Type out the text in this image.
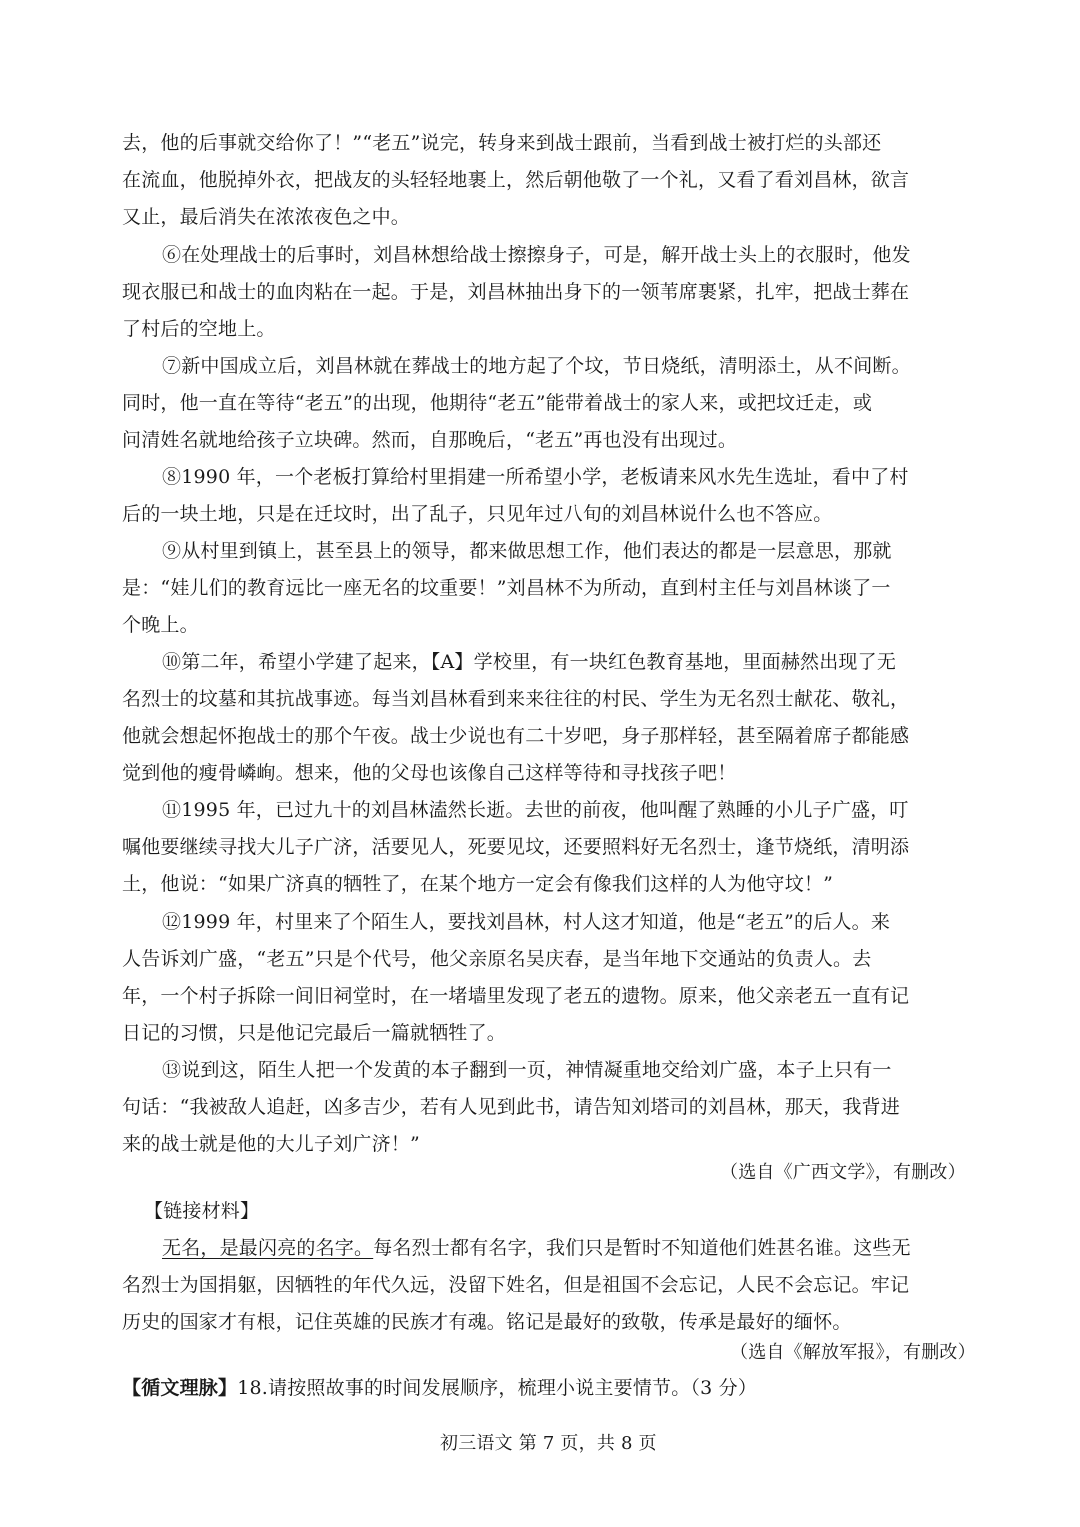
去，他的后事就交给你了！”“老五”说完，转身来到战士跟前，当看到战士被打烂的头部还
在流血，他脱掉外衣，把战友的头轻轻地裹上，然后朝他敬了一个礼，又看了看刘昌林，欲言
又止，最后消失在浓浓夜色之中。
⑥在处理战士的后事时，刘昌林想给战士擦擦身子，可是，解开战士头上的衣服时，他发
现衣服已和战士的血肉粘在一起。于是，刘昌林抽出身下的一领苇席裹紧，扎牢，把战士葬在
了村后的空地上。
⑦新中国成立后，刘昌林就在葬战士的地方起了个坟，节日烧纸，清明添土，从不间断。
同时，他一直在等待“老五”的出现，他期待“老五”能带着战士的家人来，或把坟迁走，或
问清姓名就地给孩子立块碑。然而，自那晚后，“老五”再也没有出现过。
⑧1990 年，一个老板打算给村里捐建一所希望小学，老板请来风水先生选址，看中了村
后的一块土地，只是在迁坟时，出了乱子，只见年过八旬的刘昌林说什么也不答应。
⑨从村里到镇上，甚至县上的领导，都来做思想工作，他们表达的都是一层意思，那就
是：“娃儿们的教育远比一座无名的坟重要！”刘昌林不为所动，直到村主任与刘昌林谈了一
个晚上。
⑩第二年，希望小学建了起来，【A】学校里，有一块红色教育基地，里面赫然出现了无
名烈士的坟墓和其抗战事迹。每当刘昌林看到来来往往的村民、学生为无名烈士献花、敬礼，
他就会想起怀抱战士的那个午夜。战士少说也有二十岁吧，身子那样轻，甚至隔着席子都能感
觉到他的瘦骨嶙峋。想来，他的父母也该像自己这样等待和寻找孩子吧！
⑪1995 年，已过九十的刘昌林溘然长逝。去世的前夜，他叫醒了熟睡的小儿子广盛，叮
嘱他要继续寻找大儿子广济，活要见人，死要见坟，还要照料好无名烈士，逢节烧纸，清明添
土，他说：“如果广济真的牺牲了，在某个地方一定会有像我们这样的人为他守坟！”
⑫1999 年，村里来了个陌生人，要找刘昌林，村人这才知道，他是“老五”的后人。来
人告诉刘广盛，“老五”只是个代号，他父亲原名吴庆春，是当年地下交通站的负责人。去
年，一个村子拆除一间旧祠堂时，在一堵墙里发现了老五的遗物。原来，他父亲老五一直有记
日记的习惯，只是他记完最后一篇就牺牲了。
⑬说到这，陌生人把一个发黄的本子翻到一页，神情凝重地交给刘广盛，本子上只有一
句话：“我被敌人追赶，凶多吉少，若有人见到此书，请告知刘塔司的刘昌林，那天，我背进
来的战士就是他的大儿子刘广济！”
（选自《广西文学》，有删改）
【链接材料】
无名，是最闪亮的名字。每名烈士都有名字，我们只是暂时不知道他们姓甚名谁。这些无
名烈士为国捐躯，因牺牲的年代久远，没留下姓名，但是祖国不会忘记，人民不会忘记。牢记
历史的国家才有根，记住英雄的民族才有魂。铭记是最好的致敬，传承是最好的缅怀。
（选自《解放军报》，有删改）
【循文理脉】18.请按照故事的时间发展顺序，梳理小说主要情节。（3 分）
初三语文 第 7 页，共 8 页
